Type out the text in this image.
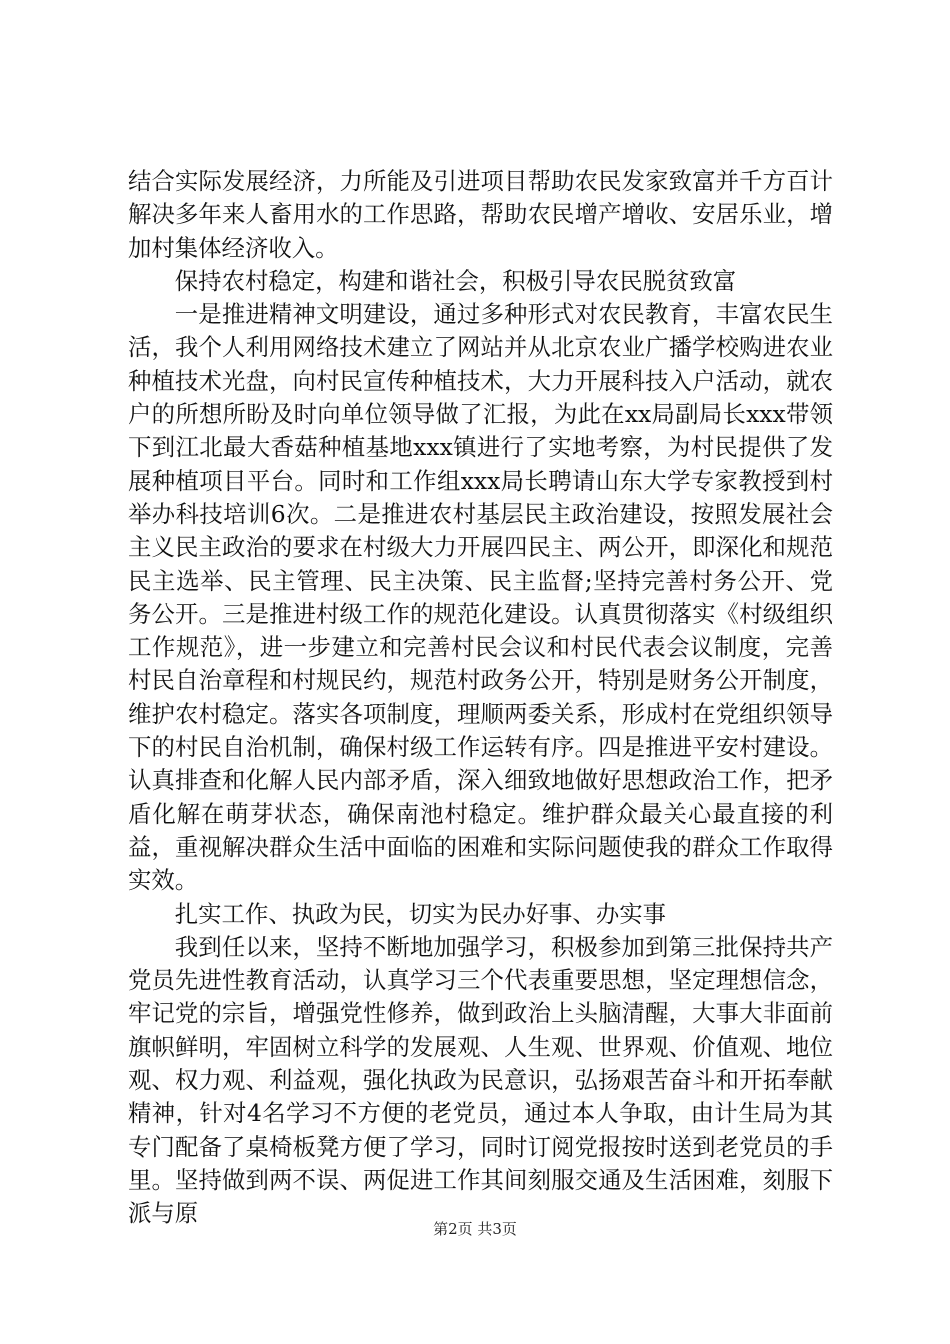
结合实际发展经济，力所能及引进项目帮助农民发家致富并千方百计解决多年来人畜用水的工作思路，帮助农民增产增收、安居乐业，增加村集体经济收入。

保持农村稳定，构建和谐社会，积极引导农民脱贫致富

一是推进精神文明建设，通过多种形式对农民教育，丰富农民生活，我个人利用网络技术建立了网站并从北京农业广播学校购进农业种植技术光盘，向村民宣传种植技术，大力开展科技入户活动，就农户的所想所盼及时向单位领导做了汇报，为此在xx局副局长xxx带领下到江北最大香菇种植基地xxx镇进行了实地考察，为村民提供了发展种植项目平台。同时和工作组xxx局长聘请山东大学专家教授到村举办科技培训6次。二是推进农村基层民主政治建设，按照发展社会主义民主政治的要求在村级大力开展四民主、两公开，即深化和规范民主选举、民主管理、民主决策、民主监督;坚持完善村务公开、党务公开。三是推进村级工作的规范化建设。认真贯彻落实《村级组织工作规范》，进一步建立和完善村民会议和村民代表会议制度，完善村民自治章程和村规民约，规范村政务公开，特别是财务公开制度，维护农村稳定。落实各项制度，理顺两委关系，形成村在党组织领导下的村民自治机制，确保村级工作运转有序。四是推进平安村建设。认真排查和化解人民内部矛盾，深入细致地做好思想政治工作，把矛盾化解在萌芽状态，确保南池村稳定。维护群众最关心最直接的利益，重视解决群众生活中面临的困难和实际问题使我的群众工作取得实效。

扎实工作、执政为民，切实为民办好事、办实事

我到任以来，坚持不断地加强学习，积极参加到第三批保持共产党员先进性教育活动，认真学习三个代表重要思想，坚定理想信念，牢记党的宗旨，增强党性修养，做到政治上头脑清醒，大事大非面前旗帜鲜明，牢固树立科学的发展观、人生观、世界观、价值观、地位观、权力观、利益观，强化执政为民意识，弘扬艰苦奋斗和开拓奉献精神，针对4名学习不方便的老党员，通过本人争取，由计生局为其专门配备了桌椅板凳方便了学习，同时订阅党报按时送到老党员的手里。坚持做到两不误、两促进工作其间刻服交通及生活困难，刻服下派与原

第2页 共3页
